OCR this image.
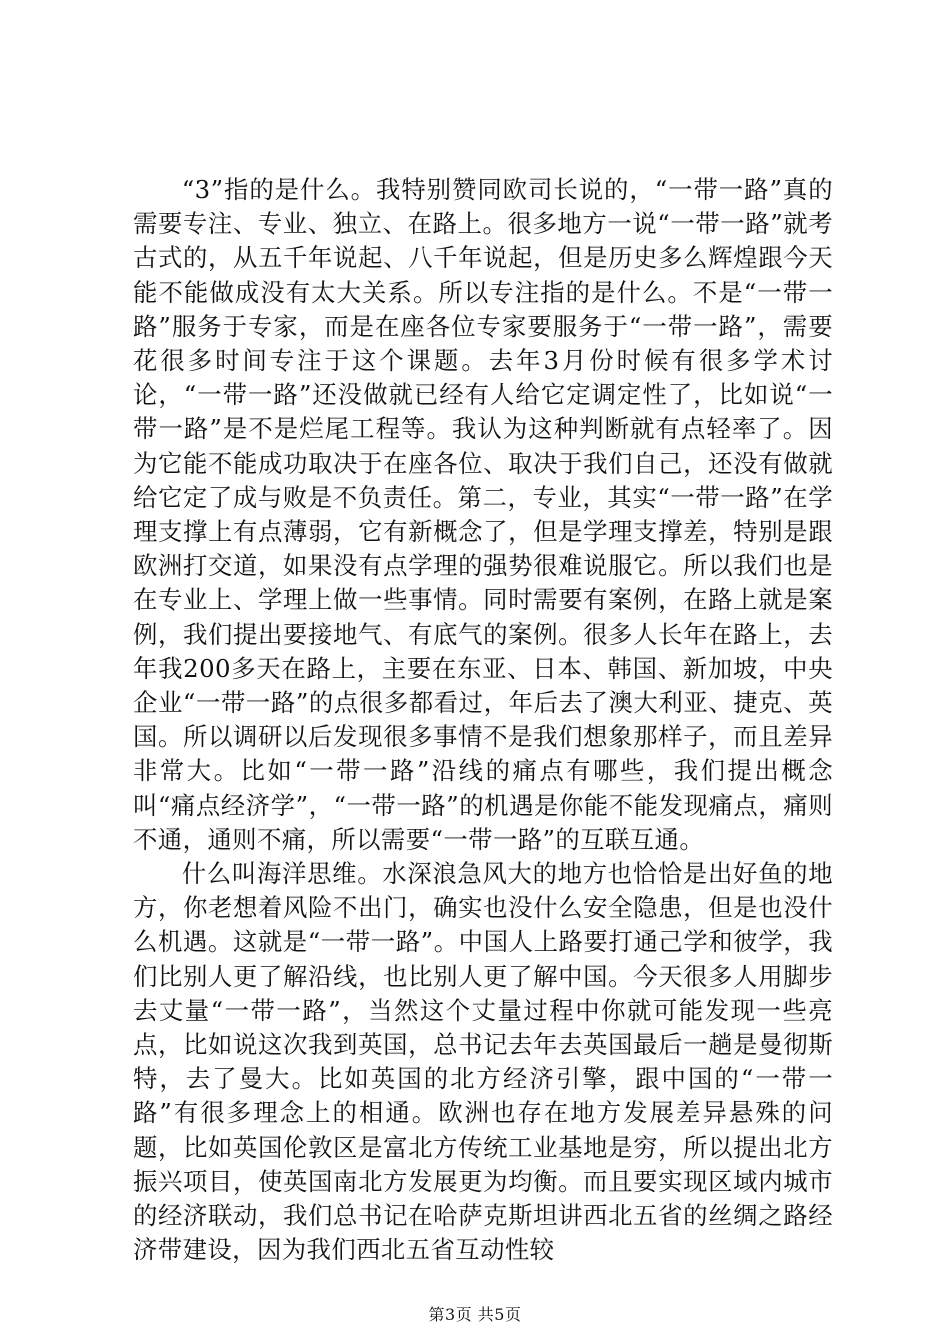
“3”指的是什么。我特别赞同欧司长说的，“一带一路”真的需要专注、专业、独立、在路上。很多地方一说“一带一路”就考古式的，从五千年说起、八千年说起，但是历史多么辉煌跟今天能不能做成没有太大关系。所以专注指的是什么。不是“一带一路”服务于专家，而是在座各位专家要服务于“一带一路”，需要花很多时间专注于这个课题。去年3月份时候有很多学术讨论，“一带一路”还没做就已经有人给它定调定性了，比如说“一带一路”是不是烂尾工程等。我认为这种判断就有点轻率了。因为它能不能成功取决于在座各位、取决于我们自己，还没有做就给它定了成与败是不负责任。第二，专业，其实“一带一路”在学理支撑上有点薄弱，它有新概念了，但是学理支撑差，特别是跟欧洲打交道，如果没有点学理的强势很难说服它。所以我们也是在专业上、学理上做一些事情。同时需要有案例，在路上就是案例，我们提出要接地气、有底气的案例。很多人长年在路上，去年我200多天在路上，主要在东亚、日本、韩国、新加坡，中央企业“一带一路”的点很多都看过，年后去了澳大利亚、捷克、英国。所以调研以后发现很多事情不是我们想象那样子，而且差异非常大。比如“一带一路”沿线的痛点有哪些，我们提出概念叫“痛点经济学”，“一带一路”的机遇是你能不能发现痛点，痛则不通，通则不痛，所以需要“一带一路”的互联互通。

什么叫海洋思维。水深浪急风大的地方也恰恰是出好鱼的地方，你老想着风险不出门，确实也没什么安全隐患，但是也没什么机遇。这就是“一带一路”。中国人上路要打通己学和彼学，我们比别人更了解沿线，也比别人更了解中国。今天很多人用脚步去丈量“一带一路”，当然这个丈量过程中你就可能发现一些亮点，比如说这次我到英国，总书记去年去英国最后一趟是曼彻斯特，去了曼大。比如英国的北方经济引擎，跟中国的“一带一路”有很多理念上的相通。欧洲也存在地方发展差异悬殊的问题，比如英国伦敦区是富北方传统工业基地是穷，所以提出北方振兴项目，使英国南北方发展更为均衡。而且要实现区域内城市的经济联动，我们总书记在哈萨克斯坦讲西北五省的丝绸之路经济带建设，因为我们西北五省互动性较

第3页 共5页
